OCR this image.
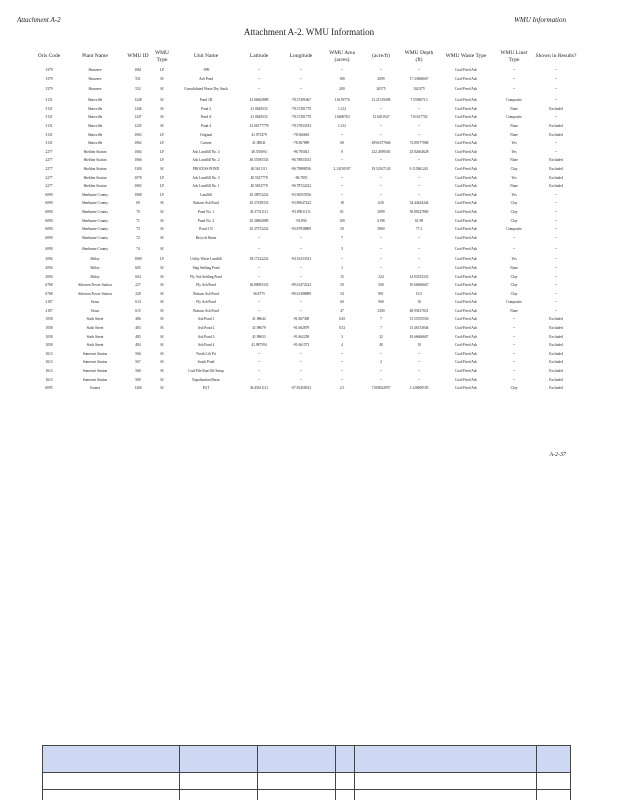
Attachment A-2	WMU Information
Attachment A-2. WMU Information
Oris Code	Plant Name	WMU ID	WMU Type	Unit Name	Latitude	Longitude	WMU Area (acres)	(acre/ft)	WMU Depth (ft)	WMU Waste Type	WMU Liner Type	Shown in Results?
1379	Shawnee	1061	LF	-999	--	--	--	--	--	Coal-Fired Ash	--	--
1379	Shawnee	551	SI	Ash Pond	--	--	180	2099	17.33666667	Coal-Fired Ash	--	--
1379	Shawnee	552	SI	Consolidated Waste Dry Stack	--	--	200	20575	102.875	Coal-Fired Ash	--	--
3131	Shawville	1248	SI	Pond 1B	41.06602889	-78.37491667	1.6159776	12.21519496	7.55940713	Coal-Fired Ash	Composite	--
3131	Shawville	1246	SI	Pond 2	41.0628333	-78.37281778	1.212	--	--	Coal-Fired Ash	None	Excluded
3131	Shawville	1247	SI	Pond A	41.0628333	-78.37281778	1.6606763	12.6451947	7.61617702	Coal-Fired Ash	Composite	--
3131	Shawville	1245	SI	Pond 4	41.06177778	-78.37833333	1.212	--	--	Coal-Fired Ash	None	Excluded
3131	Shawville	1063	LF	Original	41.075479	-78.366663	--	--	--	Coal-Fired Ash	None	Excluded
3131	Shawville	1062	LF	Current	41.08041	-78.367889	68	4956.677666	72.89177068	Coal-Fired Ash	Yes	--
2277	Sheldon Station	1064	LF	Ash Landfill No. 4	40.555694	-96.795041	9	232.4598365	25.82664628	Coal-Fired Ash	Yes	--
2277	Sheldon Station	1066	LF	Ash Landfill No. 2	40.55583333	-96.78833333	--	--	--	Coal-Fired Ash	None	Excluded
2277	Sheldon Station	1300	SI	PROCESS POND	40.5611111	-96.79888556	2.14150597	19.52167126	9.115861241	Coal-Fired Ash	Clay	Excluded
2277	Sheldon Station	1078	LF	Ash Landfill No. 3	40.5527778	-96.7855	--	--	--	Coal-Fired Ash	Yes	Excluded
2277	Sheldon Station	1065	LF	Ash Landfill No. 1	40.5652778	-96.78722222	--	--	--	Coal-Fired Ash	None	Excluded
6090	Sherburne County	1068	LF	Landfill	45.38972222	-93.90555556	--	--	--	Coal-Fired Ash	Yes	--
6090	Sherburne County	69	SI	Bottom Ash Pond	45.37458333	-93.89647222	18	620	34.44444444	Coal-Fired Ash	Clay	--
6090	Sherburne County	70	SI	Pond No. 1	45.37311111	-93.89011111	61	3099	50.80327869	Coal-Fired Ash	Clay	--
6090	Sherburne County	71	SI	Pond No. 2	45.36862889	-93.894	100	6198	61.98	Coal-Fired Ash	Clay	--
6090	Sherburne County	73	SI	Pond 3 N	45.37372222	-93.87838889	50	3860	77.2	Coal-Fired Ash	Composite	--
6090	Sherburne County	72	SI	Recycle Basin	--	--	7	--	--	Coal-Fired Ash	--	--
6090	Sherburne County	74	SI		--	--	3	--	--	Coal-Fired Ash	--	--
2094	Sibley	1069	LF	Utility Waste Landfill	39.17222222	-94.16333333	--	--	--	Coal-Fired Ash	Yes	--
2094	Sibley	605	SI	Slag Settling Pond	--	--	1	--	--	Coal-Fired Ash	None	--
2094	Sibley	604	SI	Fly Ash Settling Pond	--	--	15	224	14.93333333	Coal-Fired Ash	Clay	--
6768	Sikeston Power Station	227	SI	Fly Ash Pond	36.88083333	-89.61472222	50	500	10.66666667	Coal-Fired Ash	Clay	--
6768	Sikeston Power Station	228	SI	Bottom Ash Pond	36.8775	-89.61388889	54	891	16.5	Coal-Fired Ash	Clay	--
2107	Sioux	614	SI	Fly Ash Pond	--	--	60	960	16	Coal-Fired Ash	Composite	--
2107	Sioux	615	SI	Bottom Ash Pond	--	--	47	2300	48.93617021	Coal-Fired Ash	None	--
1058	Sixth Street	486	SI	Ash Pond 1	41.98642	-91.667308	0.45	7	15.55555556	Coal-Fired Ash	--	Excluded
1058	Sixth Street	483	SI	Ash Pond 2	41.98679	-91.662879	0.52	7	13.46153846	Coal-Fired Ash	--	Excluded
1058	Sixth Street	485	SI	Ash Pond 3	41.98633	-91.662258	3	32	10.66666667	Coal-Fired Ash	--	Excluded
1058	Sixth Street	484	SI	Ash Pond 4	41.987394	-91.661573	4	40	10	Coal-Fired Ash	--	Excluded
1613	Somerset Station	566	SI	North Lift Pit	--	--	--	--	--	Coal-Fired Ash	--	Excluded
1613	Somerset Station	567	SI	South Pond	--	--	--	2	--	Coal-Fired Ash	--	Excluded
1613	Somerset Station	568	SI	Coal Pile Run-Off Sump	--	--	--	--	--	Coal-Fired Ash	--	Excluded
1613	Somerset Station	569	SI	Equalization Basin	--	--	--	--	--	Coal-Fired Ash	--	Excluded
6095	Sooner	1260	SI	FGT	36.45611111	-97.05458333	2.5	7.000022957	3.120009183	Coal-Fired Ash	Clay	Excluded
A-2-37
